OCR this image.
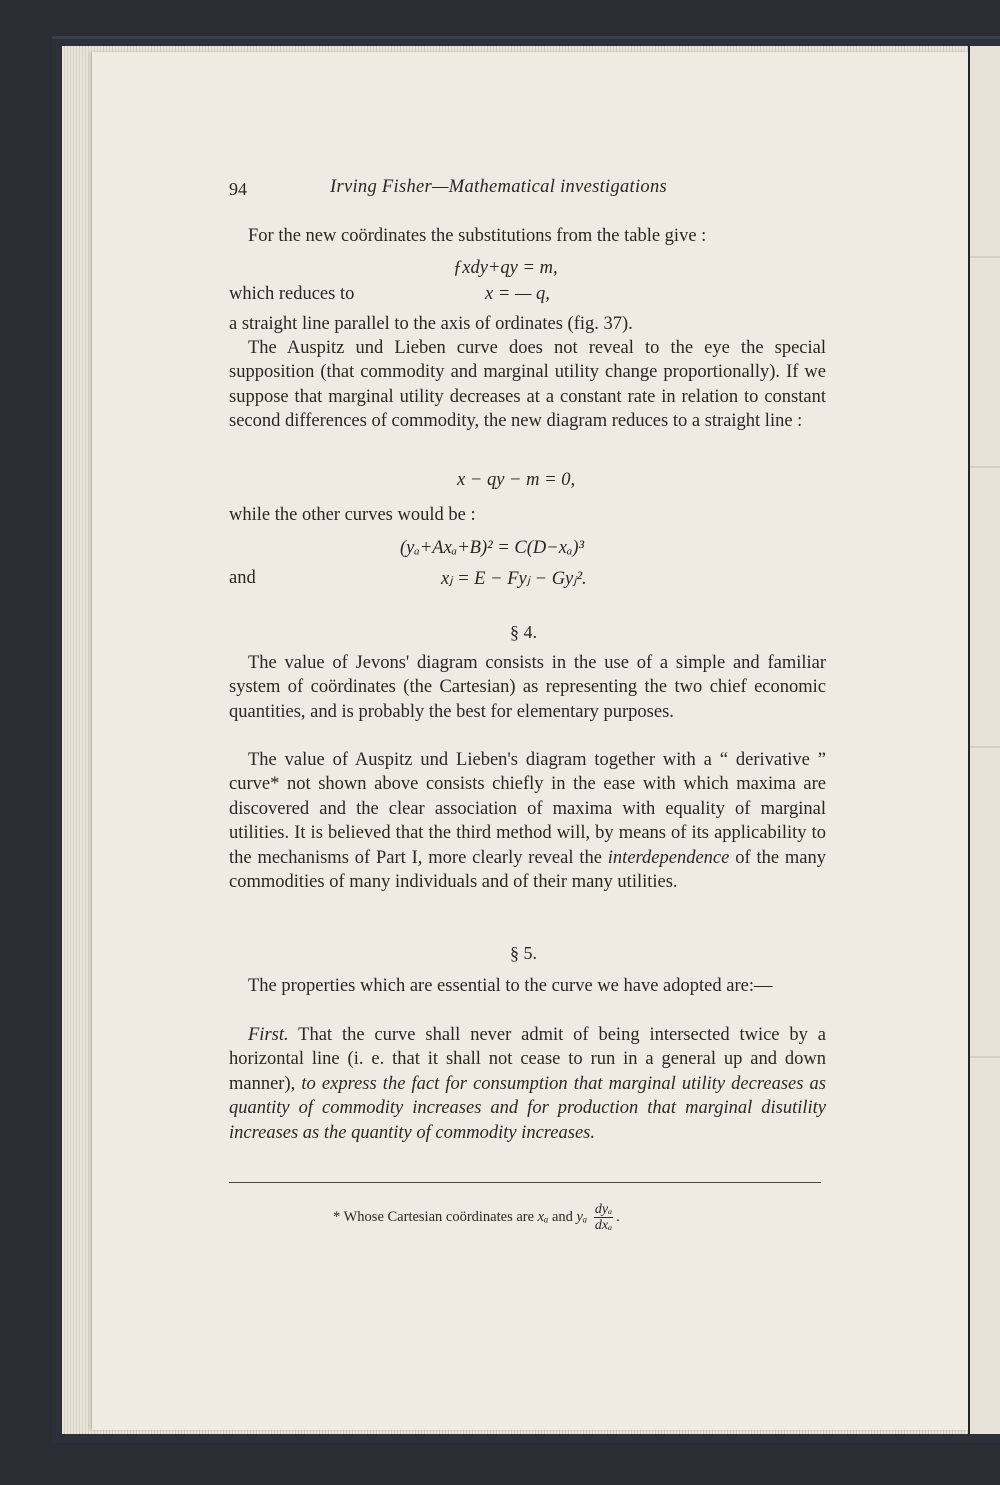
94	Irving Fisher—Mathematical investigations
For the new coördinates the substitutions from the table give :
ƒxdy+qy = m,
which reduces to	x = — q,
a straight line parallel to the axis of ordinates (fig. 37).
The Auspitz und Lieben curve does not reveal to the eye the special supposition (that commodity and marginal utility change proportionally). If we suppose that marginal utility decreases at a constant rate in relation to constant second differences of commodity, the new diagram reduces to a straight line :
x − qy − m = 0,
while the other curves would be :
(yₐ+Axₐ+B)² = C(D−xₐ)³
and	xⱼ = E − Fyⱼ − Gyⱼ².
§ 4.
The value of Jevons' diagram consists in the use of a simple and familiar system of coördinates (the Cartesian) as representing the two chief economic quantities, and is probably the best for elementary purposes.
The value of Auspitz und Lieben's diagram together with a “ derivative ” curve* not shown above consists chiefly in the ease with which maxima are discovered and the clear association of maxima with equality of marginal utilities. It is believed that the third method will, by means of its applicability to the mechanisms of Part I, more clearly reveal the interdependence of the many commodities of many individuals and of their many utilities.
§ 5.
The properties which are essential to the curve we have adopted are:—
First. That the curve shall never admit of being intersected twice by a horizontal line (i. e. that it shall not cease to run in a general up and down manner), to express the fact for consumption that marginal utility decreases as quantity of commodity increases and for production that marginal disutility increases as the quantity of commodity increases.
* Whose Cartesian coördinates are xₐ and yₐ $\frac{\text{dyₐ}}{\text{dxₐ}}$ .
